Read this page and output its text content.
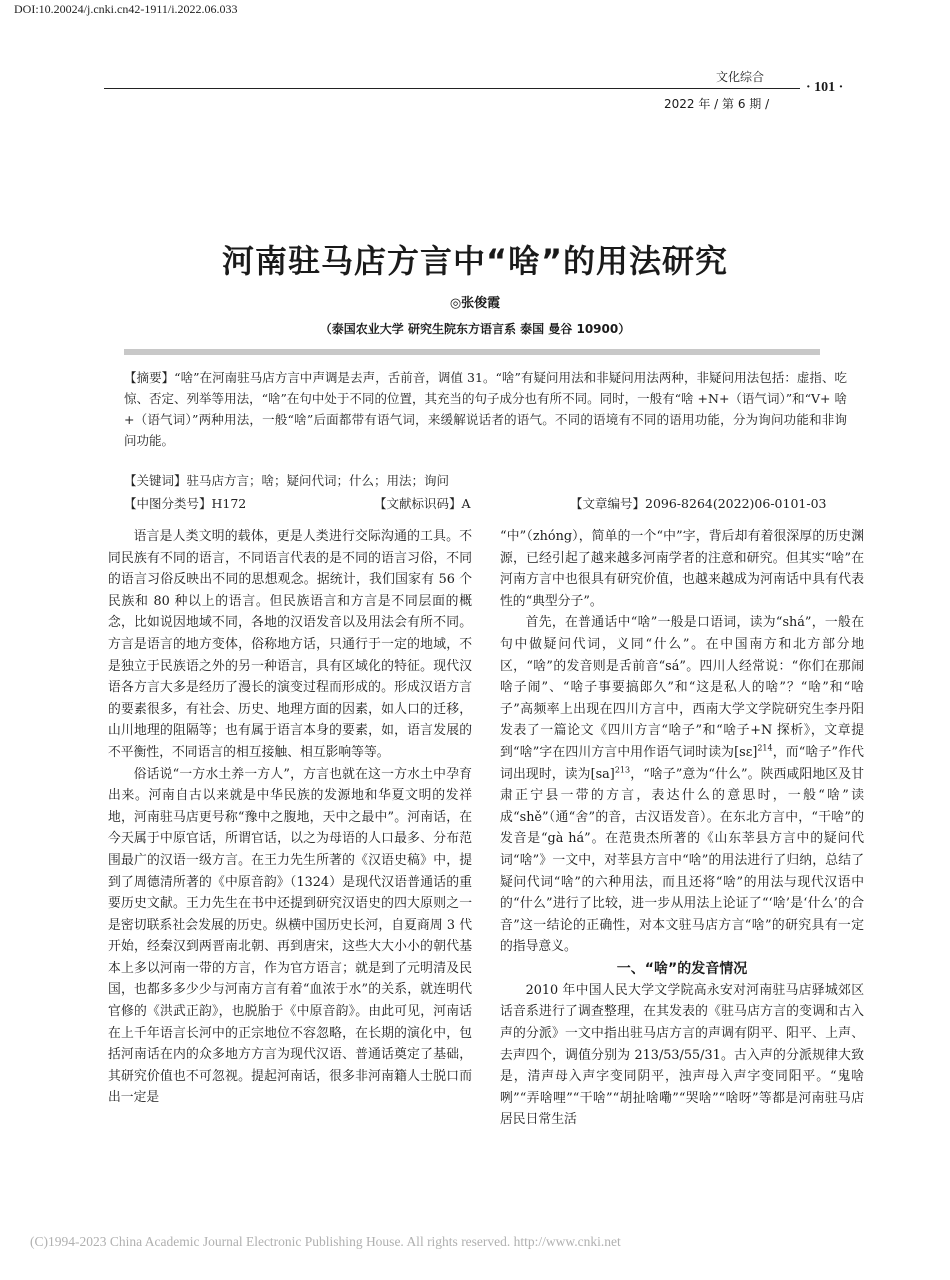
DOI:10.20024/j.cnki.cn42-1911/i.2022.06.033
文化综合
· 101 ·
2022 年 / 第 6 期 /
河南驻马店方言中“啥”的用法研究
◎张俊霞
（泰国农业大学 研究生院东方语言系 泰国 曼谷 10900）

【摘要】“啥”在河南驻马店方言中声调是去声，舌前音，调值 31。“啥”有疑问用法和非疑问用法两种，非疑问用法包括：虚指、吃惊、否定、列举等用法，“啥”在句中处于不同的位置，其充当的句子成分也有所不同。同时，一般有“啥 +N+（语气词）”和“V+ 啥 +（语气词）”两种用法，一般“啥”后面都带有语气词，来缓解说话者的语气。不同的语境有不同的语用功能，分为询问功能和非询问功能。

【关键词】驻马店方言；啥；疑问代词；什么；用法；询问
【中图分类号】H172	【文献标识码】A	【文章编号】2096-8264(2022)06-0101-03

语言是人类文明的载体，更是人类进行交际沟通的工具。不同民族有不同的语言，不同语言代表的是不同的语言习俗，不同的语言习俗反映出不同的思想观念。据统计，我们国家有 56 个民族和 80 种以上的语言。但民族语言和方言是不同层面的概念，比如说因地域不同，各地的汉语发音以及用法会有所不同。方言是语言的地方变体，俗称地方话，只通行于一定的地域，不是独立于民族语之外的另一种语言，具有区域化的特征。现代汉语各方言大多是经历了漫长的演变过程而形成的。形成汉语方言的要素很多，有社会、历史、地理方面的因素，如人口的迁移，山川地理的阻隔等；也有属于语言本身的要素，如，语言发展的不平衡性，不同语言的相互接触、相互影响等等。

俗话说“一方水土养一方人”，方言也就在这一方水土中孕育出来。河南自古以来就是中华民族的发源地和华夏文明的发祥地，河南驻马店更号称“豫中之腹地，天中之最中”。河南话，在今天属于中原官话，所谓官话，以之为母语的人口最多、分布范围最广的汉语一级方言。在王力先生所著的《汉语史稿》中，提到了周德清所著的《中原音韵》（1324）是现代汉语普通话的重要历史文献。王力先生在书中还提到研究汉语史的四大原则之一是密切联系社会发展的历史。纵横中国历史长河，自夏商周 3 代开始，经秦汉到两晋南北朝、再到唐宋，这些大大小小的朝代基本上多以河南一带的方言，作为官方语言；就是到了元明清及民国，也都多多少少与河南方言有着“血浓于水”的关系，就连明代官修的《洪武正韵》，也脱胎于《中原音韵》。由此可见，河南话在上千年语言长河中的正宗地位不容忽略，在长期的演化中，包括河南话在内的众多地方方言为现代汉语、普通话奠定了基础，其研究价值也不可忽视。提起河南话，很多非河南籍人士脱口而出一定是

“中”（zhóng），简单的一个“中”字，背后却有着很深厚的历史渊源，已经引起了越来越多河南学者的注意和研究。但其实“啥”在河南方言中也很具有研究价值，也越来越成为河南话中具有代表性的“典型分子”。

首先，在普通话中“啥”一般是口语词，读为“shá”，一般在句中做疑问代词，义同“什么”。在中国南方和北方部分地区，“啥”的发音则是舌前音“sá”。四川人经常说：“你们在那闹啥子闹”、“啥子事要搞郎久”和“这是私人的啥”？“啥”和“啥子”高频率上出现在四川方言中，西南大学文学院研究生李丹阳发表了一篇论文《四川方言“啥子”和“啥子+N 探析》，文章提到“啥”字在四川方言中用作语气词时读为[sɛ]$^{214}$，而“啥子”作代词出现时，读为[sa]$^{213}$，“啥子”意为“什么”。陕西咸阳地区及甘肃正宁县一带的方言，表达什么的意思时，一般“啥”读成“shě”（通“舍”的音，古汉语发音）。在东北方言中，“干啥”的发音是“gà há”。在范贵杰所著的《山东莘县方言中的疑问代词“啥”》一文中，对莘县方言中“啥”的用法进行了归纳，总结了疑问代词“啥”的六种用法，而且还将“啥”的用法与现代汉语中的“什么”进行了比较，进一步从用法上论证了“‘啥’是‘什么’的合音”这一结论的正确性，对本文驻马店方言“啥”的研究具有一定的指导意义。

一、“啥”的发音情况

2010 年中国人民大学文学院高永安对河南驻马店驿城郊区话音系进行了调查整理，在其发表的《驻马店方言的变调和古入声的分派》一文中指出驻马店方言的声调有阴平、阳平、上声、去声四个，调值分别为 213/53/55/31。古入声的分派规律大致是，清声母入声字变同阴平，浊声母入声字变同阳平。“鬼啥咧”“弄啥哩”“干啥”“胡扯啥嘞”“哭啥”“啥呀”等都是河南驻马店居民日常生活

(C)1994-2023 China Academic Journal Electronic Publishing House. All rights reserved. http://www.cnki.net
